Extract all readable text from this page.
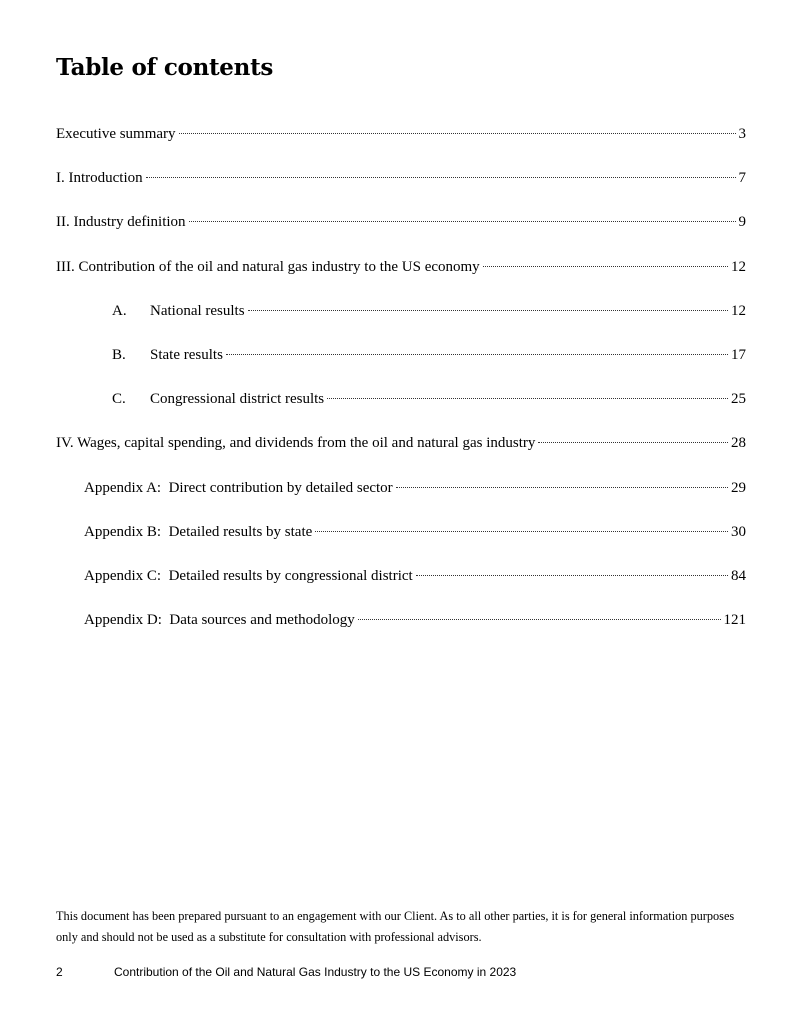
Table of contents
Executive summary	3
I. Introduction	7
II. Industry definition	9
III. Contribution of the oil and natural gas industry to the US economy	12
A.	National results	12
B.	State results	17
C.	Congressional district results	25
IV. Wages, capital spending, and dividends from the oil and natural gas industry	28
Appendix A:  Direct contribution by detailed sector	29
Appendix B:  Detailed results by state	30
Appendix C:  Detailed results by congressional district	84
Appendix D:  Data sources and methodology	121

This document has been prepared pursuant to an engagement with our Client. As to all other parties, it is for general information purposes only and should not be used as a substitute for consultation with professional advisors.

2	Contribution of the Oil and Natural Gas Industry to the US Economy in 2023
